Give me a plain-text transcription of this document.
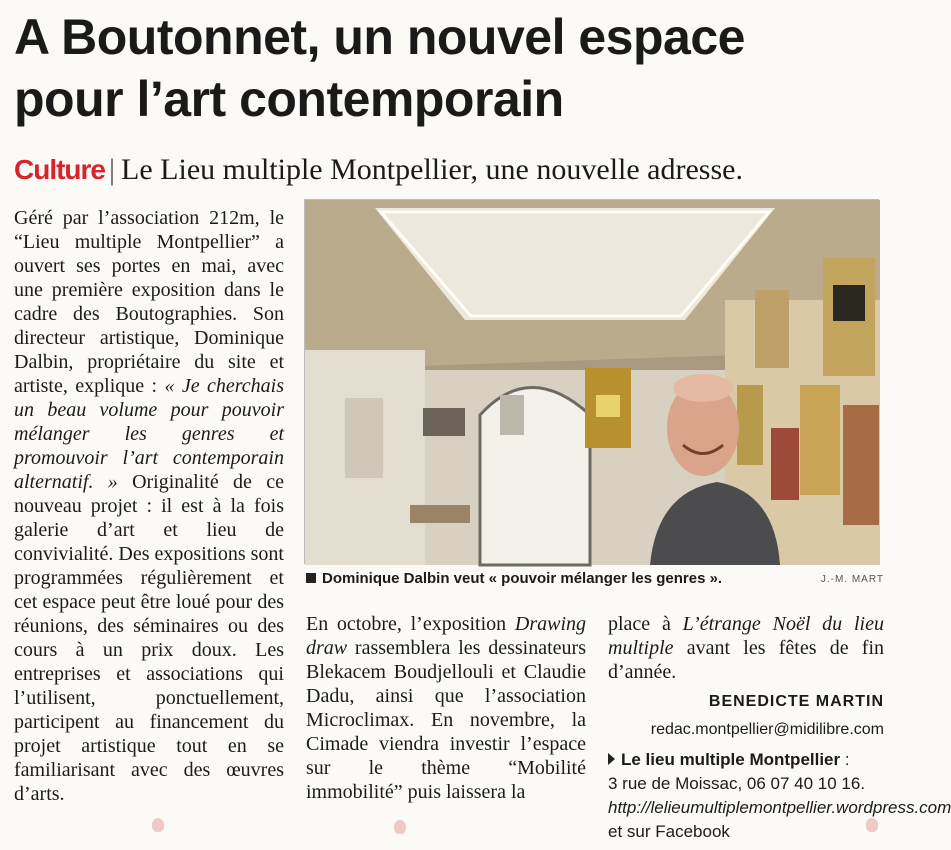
A Boutonnet, un nouvel espace
pour l’art contemporain
Culture | Le Lieu multiple Montpellier, une nouvelle adresse.

Géré par l’association 212m, le “Lieu multiple Montpellier” a ouvert ses portes en mai, avec une première exposition dans le cadre des Boutographies. Son directeur artistique, Dominique Dalbin, propriétaire du site et artiste, explique : « Je cherchais un beau volume pour pouvoir mélanger les genres et promouvoir l’art contemporain alternatif. » Originalité de ce nouveau projet : il est à la fois galerie d’art et lieu de convivialité. Des expositions sont programmées régulièrement et cet espace peut être loué pour des réunions, des séminaires ou des cours à un prix doux. Les entreprises et associations qui l’utilisent, ponctuellement, participent au financement du projet artistique tout en se familiarisant avec des œuvres d’arts.

Dominique Dalbin veut « pouvoir mélanger les genres ».	J.-M. MART

En octobre, l’exposition Drawing draw rassemblera les dessinateurs Blekacem Boudjellouli et Claudie Dadu, ainsi que l’association Microclimax. En novembre, la Cimade viendra investir l’espace sur le thème “Mobilité immobilité” puis laissera la

place à L’étrange Noël du lieu multiple avant les fêtes de fin d’année.

BENEDICTE MARTIN
redac.montpellier@midilibre.com
Le lieu multiple Montpellier :
3 rue de Moissac, 06 07 40 10 16.
http://lelieumultiplemontpellier.wordpress.com et sur Facebook
